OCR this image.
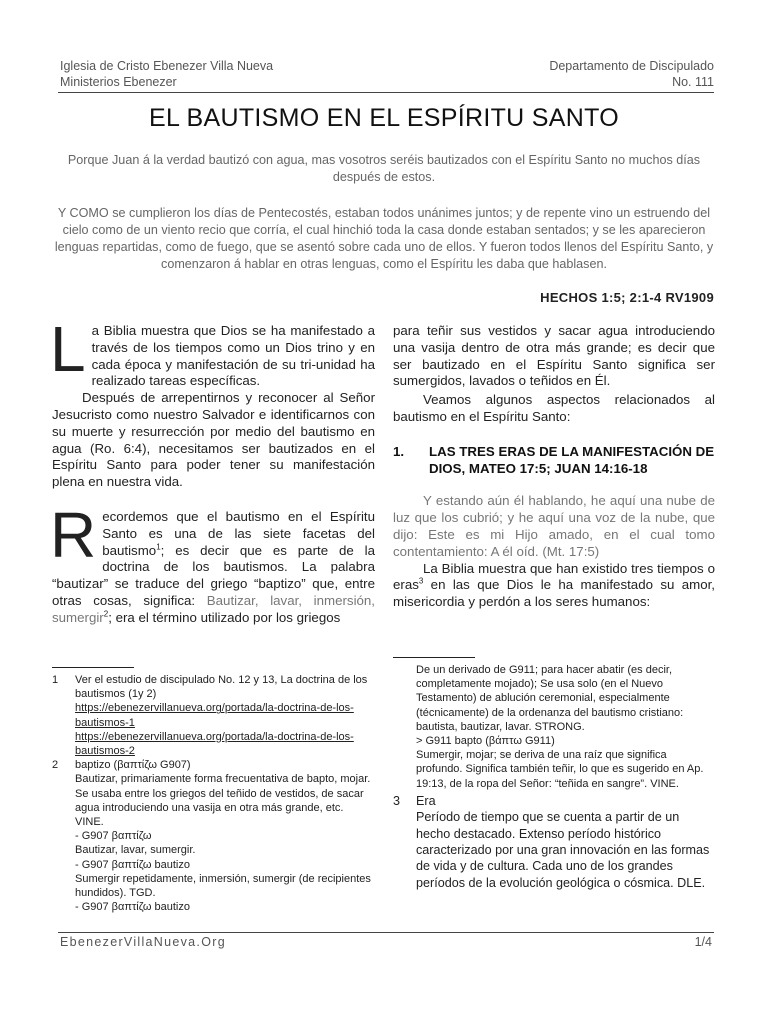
Iglesia de Cristo Ebenezer Villa Nueva
Ministerios Ebenezer
Departamento de Discipulado
No. 111
EL BAUTISMO EN EL ESPÍRITU SANTO
Porque Juan á la verdad bautizó con agua, mas vosotros seréis bautizados con el Espíritu Santo no muchos días después de estos.
Y COMO se cumplieron los días de Pentecostés, estaban todos unánimes juntos; y de repente vino un estruendo del cielo como de un viento recio que corría, el cual hinchió toda la casa donde estaban sentados; y se les aparecieron lenguas repartidas, como de fuego, que se asentó sobre cada uno de ellos. Y fueron todos llenos del Espíritu Santo, y comenzaron á hablar en otras lenguas, como el Espíritu les daba que hablasen.
HECHOS 1:5; 2:1-4 RV1909

La Biblia muestra que Dios se ha manifestado a través de los tiempos como un Dios trino y en cada época y manifestación de su tri-unidad ha realizado tareas específicas.

Después de arrepentirnos y reconocer al Señor Jesucristo como nuestro Salvador e identificarnos con su muerte y resurrección por medio del bautismo en agua (Ro. 6:4), necesitamos ser bautizados en el Espíritu Santo para poder tener su manifestación plena en nuestra vida.

Recordemos que el bautismo en el Espíritu Santo es una de las siete facetas del bautismo$^1$; es decir que es parte de la doctrina de los bautismos. La palabra “bautizar” se traduce del griego “baptizo” que, entre otras cosas, significa: Bautizar, lavar, inmersión, sumergir$^2$; era el término utilizado por los griegos

para teñir sus vestidos y sacar agua introduciendo una vasija dentro de otra más grande; es decir que ser bautizado en el Espíritu Santo significa ser sumergidos, lavados o teñidos en Él.

Veamos algunos aspectos relacionados al bautismo en el Espíritu Santo:

1.	LAS TRES ERAS DE LA MANIFESTACIÓN DE DIOS, MATEO 17:5; JUAN 14:16-18

Y estando aún él hablando, he aquí una nube de luz que los cubrió; y he aquí una voz de la nube, que dijo: Este es mi Hijo amado, en el cual tomo contentamiento: A él oíd. (Mt. 17:5)

La Biblia muestra que han existido tres tiempos o eras$^3$ en las que Dios le ha manifestado su amor, misericordia y perdón a los seres humanos:

1	Ver el estudio de discipulado No. 12 y 13, La doctrina de los bautismos (1y 2)
https://ebenezervillanueva.org/portada/la-doctrina-de-los-bautismos-1
https://ebenezervillanueva.org/portada/la-doctrina-de-los-bautismos-2
2	baptizo (βαπτίζω G907)
Bautizar, primariamente forma frecuentativa de bapto, mojar. Se usaba entre los griegos del teñido de vestidos, de sacar agua introduciendo una vasija en otra más grande, etc. VINE.
- G907 βαπτίζω
Bautizar, lavar, sumergir.
- G907 βαπτίζω bautizo
Sumergir repetidamente, inmersión, sumergir (de recipientes hundidos). TGD.
- G907 βαπτίζω bautizo
De un derivado de G911; para hacer abatir (es decir, completamente mojado); Se usa solo (en el Nuevo Testamento) de ablución ceremonial, especialmente (técnicamente) de la ordenanza del bautismo cristiano: bautista, bautizar, lavar. STRONG.
> G911 bapto (βάπτω G911)
Sumergir, mojar; se deriva de una raíz que significa profundo. Significa también teñir, lo que es sugerido en Ap. 19:13, de la ropa del Señor: “teñida en sangre”. VINE.
3	Era
Período de tiempo que se cuenta a partir de un hecho destacado. Extenso período histórico caracterizado por una gran innovación en las formas de vida y de cultura. Cada uno de los grandes períodos de la evolución geológica o cósmica. DLE.
EbenezerVillaNueva.Org	1/4
